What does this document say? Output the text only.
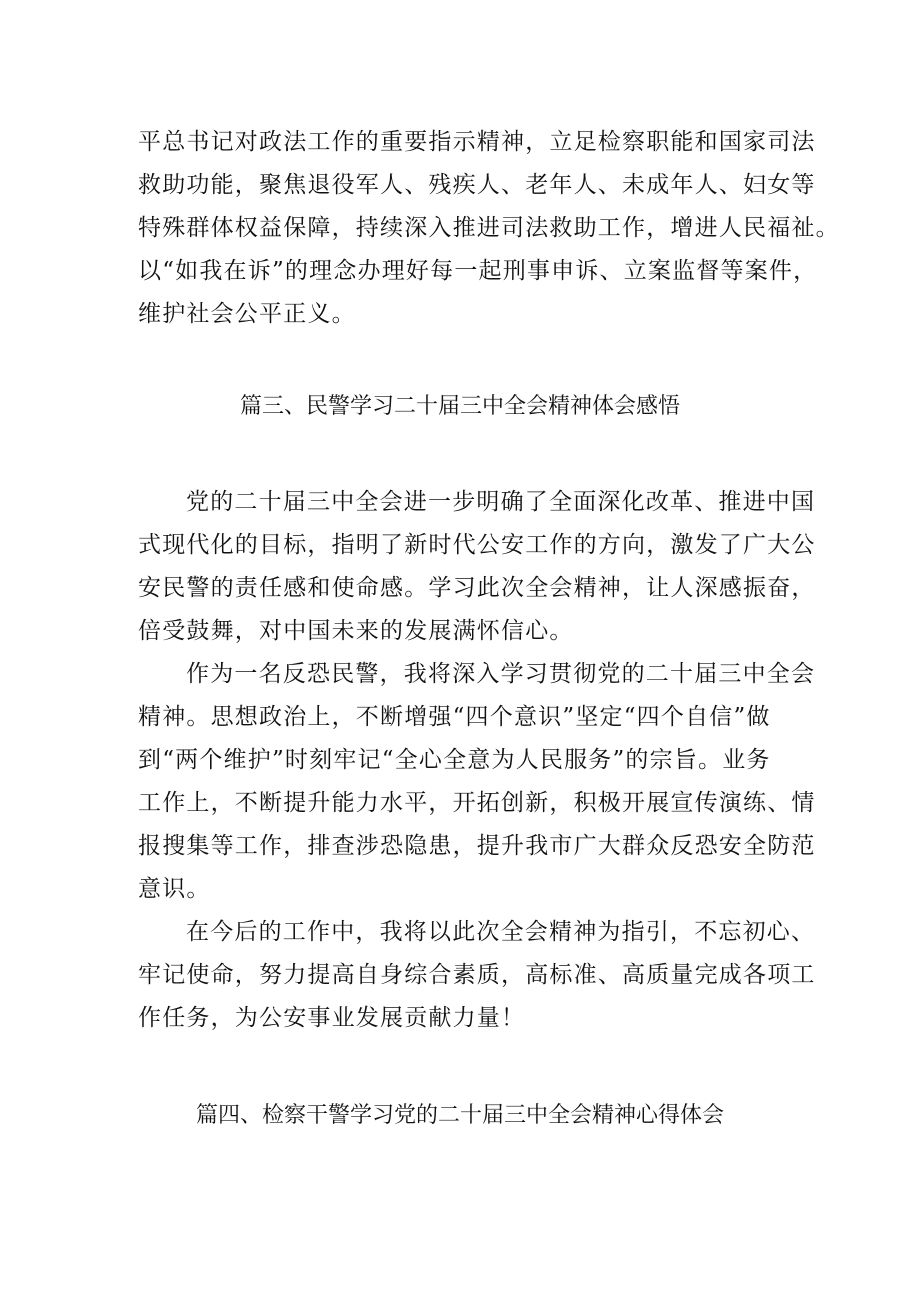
平总书记对政法工作的重要指示精神，立足检察职能和国家司法
救助功能，聚焦退役军人、残疾人、老年人、未成年人、妇女等
特殊群体权益保障，持续深入推进司法救助工作，增进人民福祉。
以“如我在诉”的理念办理好每一起刑事申诉、立案监督等案件，
维护社会公平正义。
篇三、民警学习二十届三中全会精神体会感悟
党的二十届三中全会进一步明确了全面深化改革、推进中国
式现代化的目标，指明了新时代公安工作的方向，激发了广大公
安民警的责任感和使命感。学习此次全会精神，让人深感振奋，
倍受鼓舞，对中国未来的发展满怀信心。
作为一名反恐民警，我将深入学习贯彻党的二十届三中全会
精神。思想政治上，不断增强“四个意识”坚定“四个自信”做
到“两个维护”时刻牢记“全心全意为人民服务”的宗旨。业务
工作上，不断提升能力水平，开拓创新，积极开展宣传演练、情
报搜集等工作，排查涉恐隐患，提升我市广大群众反恐安全防范
意识。
在今后的工作中，我将以此次全会精神为指引，不忘初心、
牢记使命，努力提高自身综合素质，高标准、高质量完成各项工
作任务，为公安事业发展贡献力量！
篇四、检察干警学习党的二十届三中全会精神心得体会
